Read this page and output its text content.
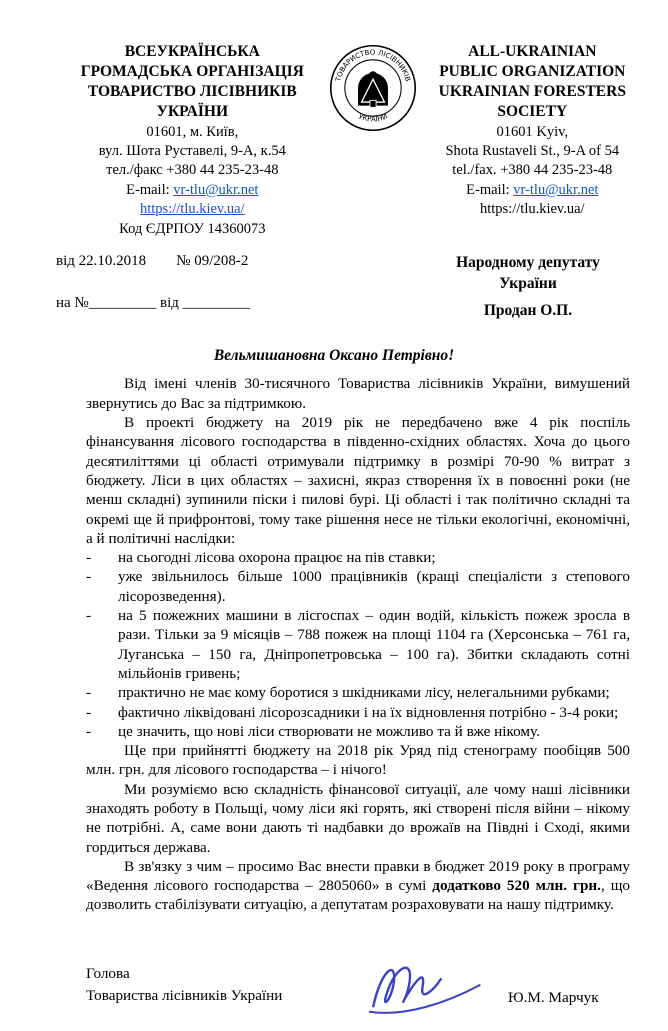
ВСЕУКРАЇНСЬКА
ГРОМАДСЬКА ОРГАНІЗАЦІЯ
ТОВАРИСТВО ЛІСІВНИКІВ
УКРАЇНИ
01601, м. Київ,
вул. Шота Руставелі, 9-А, к.54
тел./факс +380 44 235-23-48
E-mail: vr-tlu@ukr.net
https://tlu.kiev.ua/
Код ЄДРПОУ 14360073
ТОВАРИСТВО ЛІСІВНИКІВ
УКРАЇНИ
ALL-UKRAINIAN
PUBLIC ORGANIZATION
UKRAINIAN FORESTERS
SOCIETY
01601 Kyiv,
Shota Rustaveli St., 9-A of 54
tel./fax. +380 44 235-23-48
E-mail: vr-tlu@ukr.net
https://tlu.kiev.ua/
від 22.10.2018 № 09/208-2
на №_________ від _________
Народному депутату
України
Продан О.П.
Вельмишановна Оксано Петрівно!

Від імені членів 30-тисячного Товариства лісівників України, вимушений звернутись до Вас за підтримкою.

В проекті бюджету на 2019 рік не передбачено вже 4 рік поспіль фінансування лісового господарства в південно-східних областях. Хоча до цього десятиліттями ці області отримували підтримку в розмірі 70-90 % витрат з бюджету. Ліси в цих областях – захисні, якраз створення їх в повоєнні роки (не менш складні) зупинили піски і пилові бурі. Ці області і так політично складні та окремі ще й прифронтові, тому таке рішення несе не тільки екологічні, економічні, а й політичні наслідки:

-	на сьогодні лісова охорона працює на пів ставки;
-	уже звільнилось більше 1000 працівників (кращі спеціалісти з степового лісорозведення).
-	на 5 пожежних машини в лісгоспах – один водій, кількість пожеж зросла в рази. Тільки за 9 місяців – 788 пожеж на площі 1104 га (Херсонська – 761 га, Луганська – 150 га, Дніпропетровська – 100 га). Збитки складають сотні мільйонів гривень;
-	практично не має кому боротися з шкідниками лісу, нелегальними рубками;
-	фактично ліквідовані лісорозсадники і на їх відновлення потрібно - 3-4 роки;
-	це значить, що нові ліси створювати не можливо та й вже нікому.

Ще при прийнятті бюджету на 2018 рік Уряд під стенограму пообіцяв 500 млн. грн. для лісового господарства – і нічого!

Ми розуміємо всю складність фінансової ситуації, але чому наші лісівники знаходять роботу в Польщі, чому ліси які горять, які створені після війни – нікому не потрібні. А, саме вони дають ті надбавки до врожаїв на Півдні і Сході, якими гордиться держава.

В зв'язку з чим – просимо Вас внести правки в бюджет 2019 року в програму «Ведення лісового господарства – 2805060» в сумі додатково 520 млн. грн., що дозволить стабілізувати ситуацію, а депутатам розраховувати на нашу підтримку.

Голова
Товариства лісівників України	Ю.М. Марчук
